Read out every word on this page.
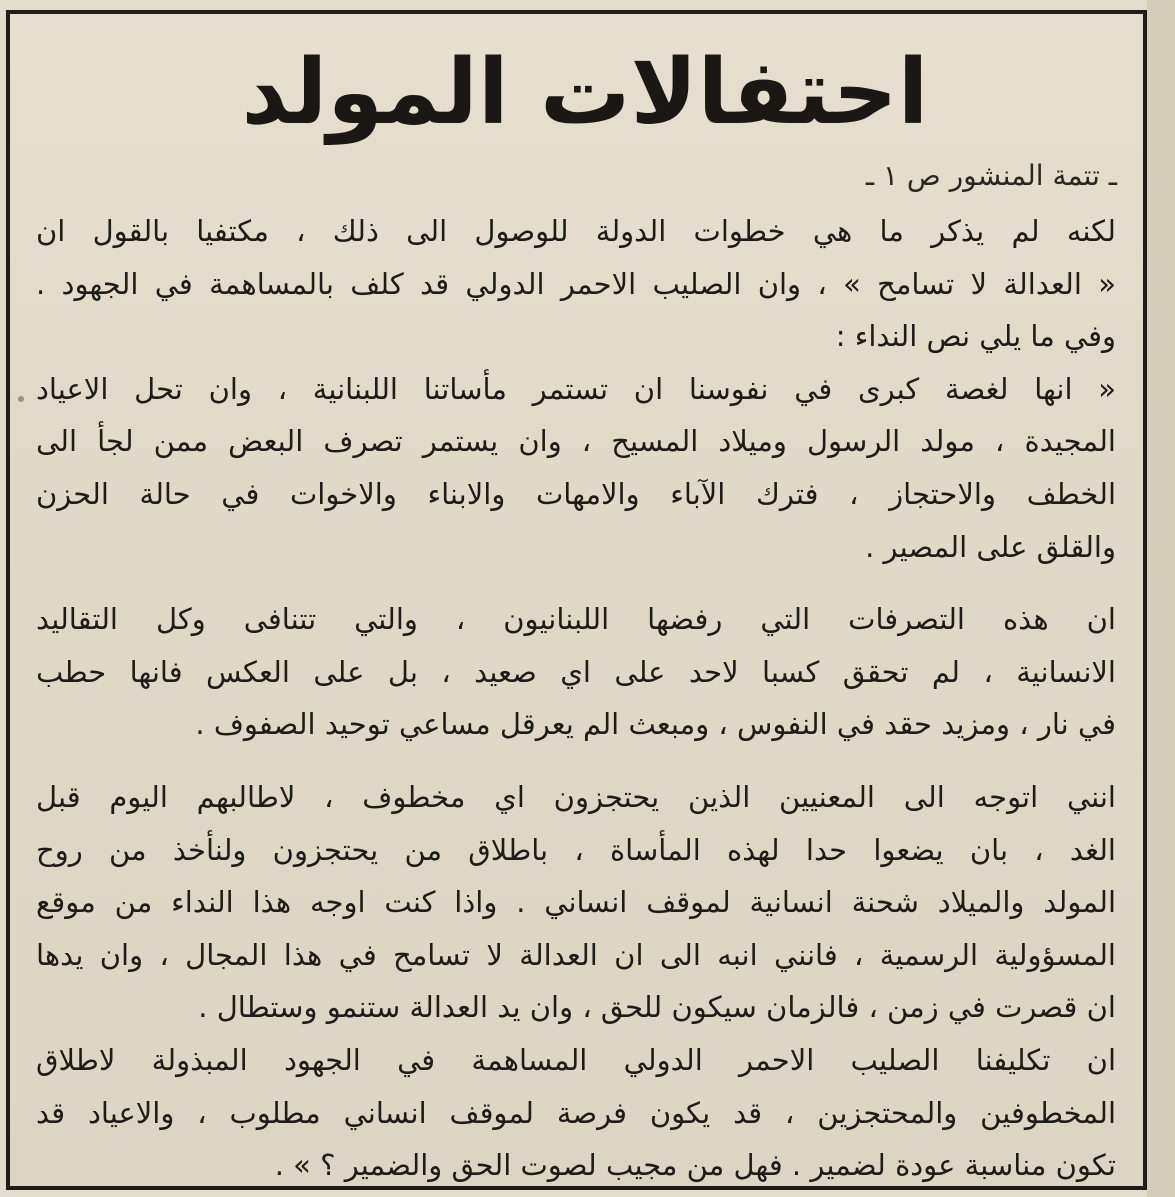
احتفالات المولد
ـ تتمة المنشور ص ١ ـ
لكنه لم يذكر ما هي خطوات الدولة للوصول الى ذلك ، مكتفيا بالقول ان
« العدالة لا تسامح » ، وان الصليب الاحمر الدولي قد كلف بالمساهمة في الجهود .
وفي ما يلي نص النداء :
« انها لغصة كبرى في نفوسنا ان تستمر مأساتنا اللبنانية ، وان تحل الاعياد
المجيدة ، مولد الرسول وميلاد المسيح ، وان يستمر تصرف البعض ممن لجأ الى
الخطف والاحتجاز ، فترك الآباء والامهات والابناء والاخوات في حالة الحزن
والقلق على المصير .
ان هذه التصرفات التي رفضها اللبنانيون ، والتي تتنافى وكل التقاليد
الانسانية ، لم تحقق كسبا لاحد على اي صعيد ، بل على العكس فانها حطب
في نار ، ومزيد حقد في النفوس ، ومبعث الم يعرقل مساعي توحيد الصفوف .
انني اتوجه الى المعنيين الذين يحتجزون اي مخطوف ، لاطالبهم اليوم قبل
الغد ، بان يضعوا حدا لهذه المأساة ، باطلاق من يحتجزون ولنأخذ من روح
المولد والميلاد شحنة انسانية لموقف انساني . واذا كنت اوجه هذا النداء من موقع
المسؤولية الرسمية ، فانني انبه الى ان العدالة لا تسامح في هذا المجال ، وان يدها
ان قصرت في زمن ، فالزمان سيكون للحق ، وان يد العدالة ستنمو وستطال .
ان تكليفنا الصليب الاحمر الدولي المساهمة في الجهود المبذولة لاطلاق
المخطوفين والمحتجزين ، قد يكون فرصة لموقف انساني مطلوب ، والاعياد قد
تكون مناسبة عودة لضمير . فهل من مجيب لصوت الحق والضمير ؟ » .
